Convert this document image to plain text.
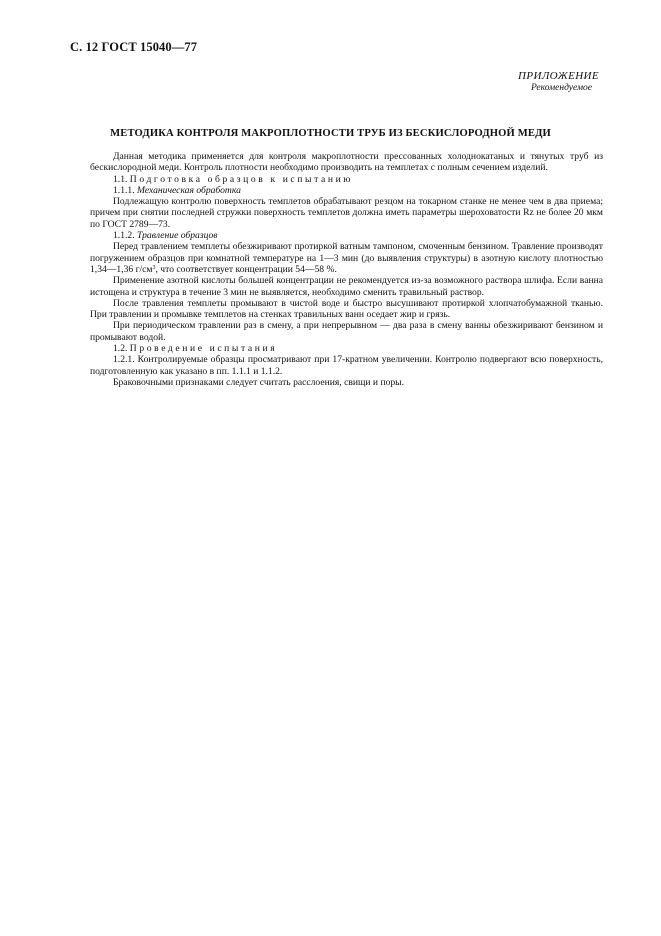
С. 12 ГОСТ 15040—77
ПРИЛОЖЕНИЕ
Рекомендуемое
МЕТОДИКА КОНТРОЛЯ МАКРОПЛОТНОСТИ ТРУБ ИЗ БЕСКИСЛОРОДНОЙ МЕДИ

Данная методика применяется для контроля макроплотности прессованных холоднокатаных и тянутых труб из бескислородной меди. Контроль плотности необходимо производить на темплетах с полным сечением изделий.

1.1. Подготовка образцов к испытанию

1.1.1. Механическая обработка

Подлежащую контролю поверхность темплетов обрабатывают резцом на токарном станке не менее чем в два приема; причем при снятии последней стружки поверхность темплетов должна иметь параметры шероховатости Rz не более 20 мкм по ГОСТ 2789—73.

1.1.2. Травление образцов

Перед травлением темплеты обезжиривают протиркой ватным тампоном, смоченным бензином. Травление производят погружением образцов при комнатной температуре на 1—3 мин (до выявления структуры) в азотную кислоту плотностью 1,34—1,36 $г/см^3$, что соответствует концентрации 54—58 %.

Применение азотной кислоты большей концентрации не рекомендуется из-за возможного раствора шлифа. Если ванна истощена и структура в течение 3 мин не выявляется, необходимо сменить травильный раствор.

После травления темплеты промывают в чистой воде и быстро высушивают протиркой хлопчатобумажной тканью. При травлении и промывке темплетов на стенках травильных ванн оседает жир и грязь.

При периодическом травлении раз в смену, а при непрерывном — два раза в смену ванны обезжиривают бензином и промывают водой.

1.2. Проведение испытания

1.2.1. Контролируемые образцы просматривают при 17-кратном увеличении. Контролю подвергают всю поверхность, подготовленную как указано в пп. 1.1.1 и 1.1.2.

Браковочными признаками следует считать расслоения, свищи и поры.
